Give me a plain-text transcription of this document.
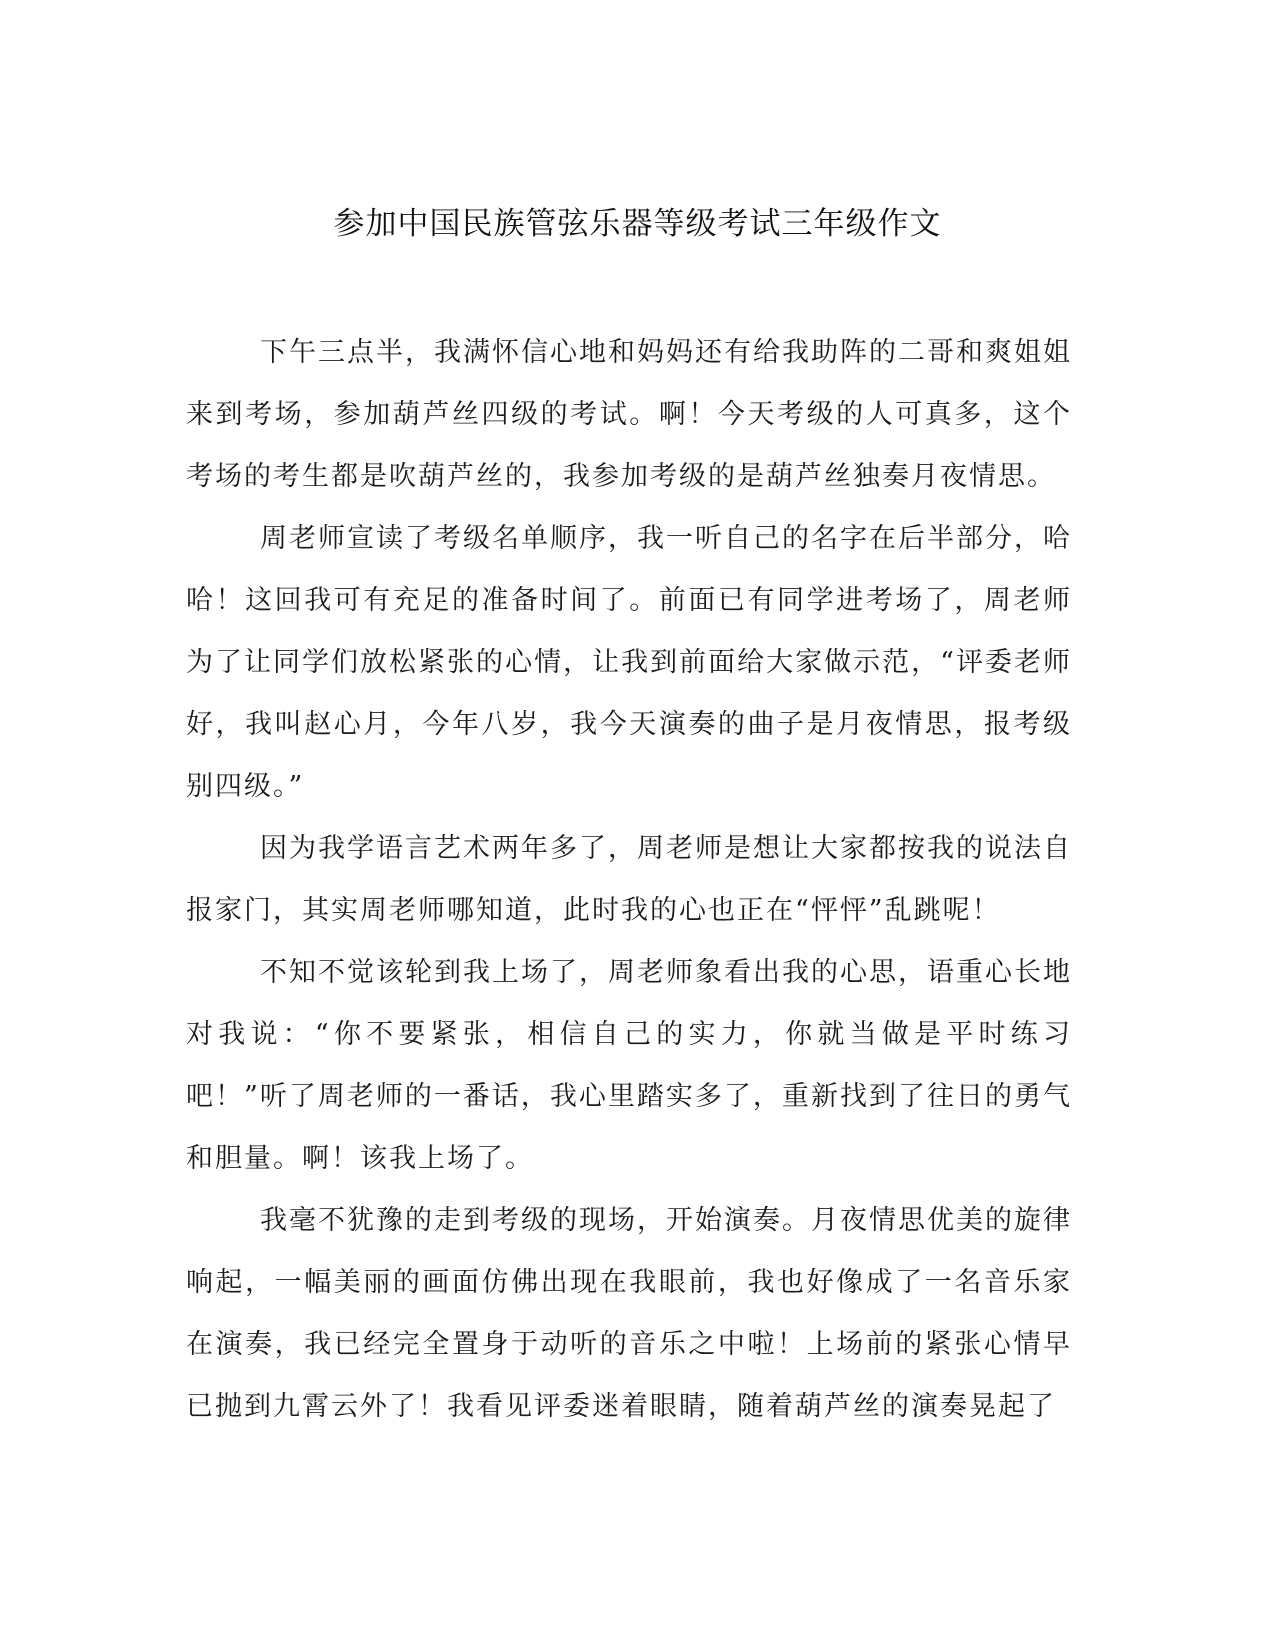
参加中国民族管弦乐器等级考试三年级作文

下午三点半，我满怀信心地和妈妈还有给我助阵的二哥和爽姐姐来到考场，参加葫芦丝四级的考试。啊！今天考级的人可真多，这个考场的考生都是吹葫芦丝的，我参加考级的是葫芦丝独奏月夜情思。

周老师宣读了考级名单顺序，我一听自己的名字在后半部分，哈哈！这回我可有充足的准备时间了。前面已有同学进考场了，周老师为了让同学们放松紧张的心情，让我到前面给大家做示范，“评委老师好，我叫赵心月，今年八岁，我今天演奏的曲子是月夜情思，报考级别四级。”

因为我学语言艺术两年多了，周老师是想让大家都按我的说法自报家门，其实周老师哪知道，此时我的心也正在“怦怦”乱跳呢！

不知不觉该轮到我上场了，周老师象看出我的心思，语重心长地对我说：“你不要紧张，相信自己的实力，你就当做是平时练习吧！”听了周老师的一番话，我心里踏实多了，重新找到了往日的勇气和胆量。啊！该我上场了。

我毫不犹豫的走到考级的现场，开始演奏。月夜情思优美的旋律响起，一幅美丽的画面仿佛出现在我眼前，我也好像成了一名音乐家在演奏，我已经完全置身于动听的音乐之中啦！上场前的紧张心情早已抛到九霄云外了！我看见评委迷着眼睛，随着葫芦丝的演奏晃起了
